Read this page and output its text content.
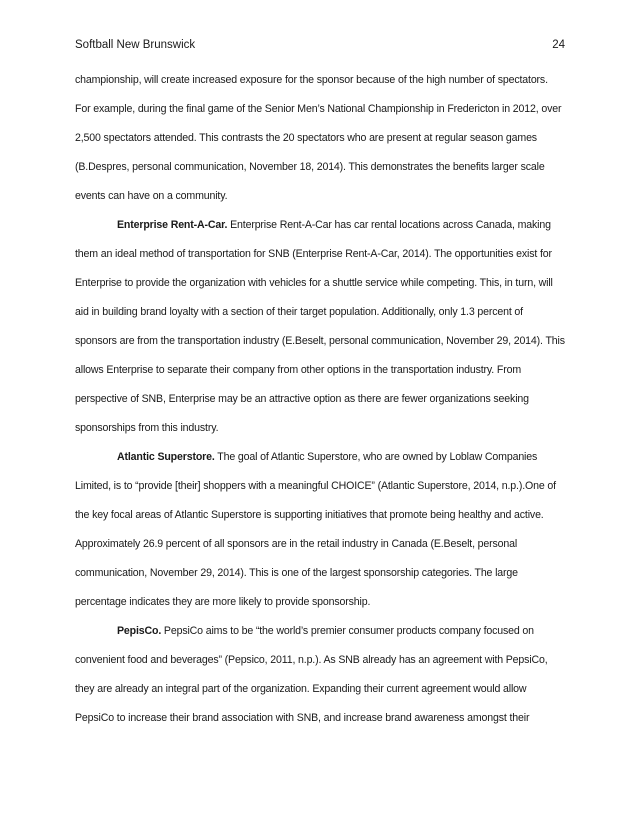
Softball New Brunswick	24

championship, will create increased exposure for the sponsor because of the high number of spectators. For example, during the final game of the Senior Men’s National Championship in Fredericton in 2012, over 2,500 spectators attended. This contrasts the 20 spectators who are present at regular season games (B.Despres, personal communication, November 18, 2014). This demonstrates the benefits larger scale events can have on a community.

Enterprise Rent-A-Car. Enterprise Rent-A-Car has car rental locations across Canada, making them an ideal method of transportation for SNB (Enterprise Rent-A-Car, 2014). The opportunities exist for Enterprise to provide the organization with vehicles for a shuttle service while competing. This, in turn, will aid in building brand loyalty with a section of their target population. Additionally, only 1.3 percent of sponsors are from the transportation industry (E.Beselt, personal communication, November 29, 2014). This allows Enterprise to separate their company from other options in the transportation industry. From perspective of SNB, Enterprise may be an attractive option as there are fewer organizations seeking sponsorships from this industry.

Atlantic Superstore. The goal of Atlantic Superstore, who are owned by Loblaw Companies Limited, is to “provide [their] shoppers with a meaningful CHOICE” (Atlantic Superstore, 2014, n.p.).One of the key focal areas of Atlantic Superstore is supporting initiatives that promote being healthy and active. Approximately 26.9 percent of all sponsors are in the retail industry in Canada (E.Beselt, personal communication, November 29, 2014). This is one of the largest sponsorship categories. The large percentage indicates they are more likely to provide sponsorship.

PepisCo. PepsiCo aims to be “the world’s premier consumer products company focused on convenient food and beverages” (Pepsico, 2011, n.p.). As SNB already has an agreement with PepsiCo, they are already an integral part of the organization. Expanding their current agreement would allow PepsiCo to increase their brand association with SNB, and increase brand awareness amongst their
